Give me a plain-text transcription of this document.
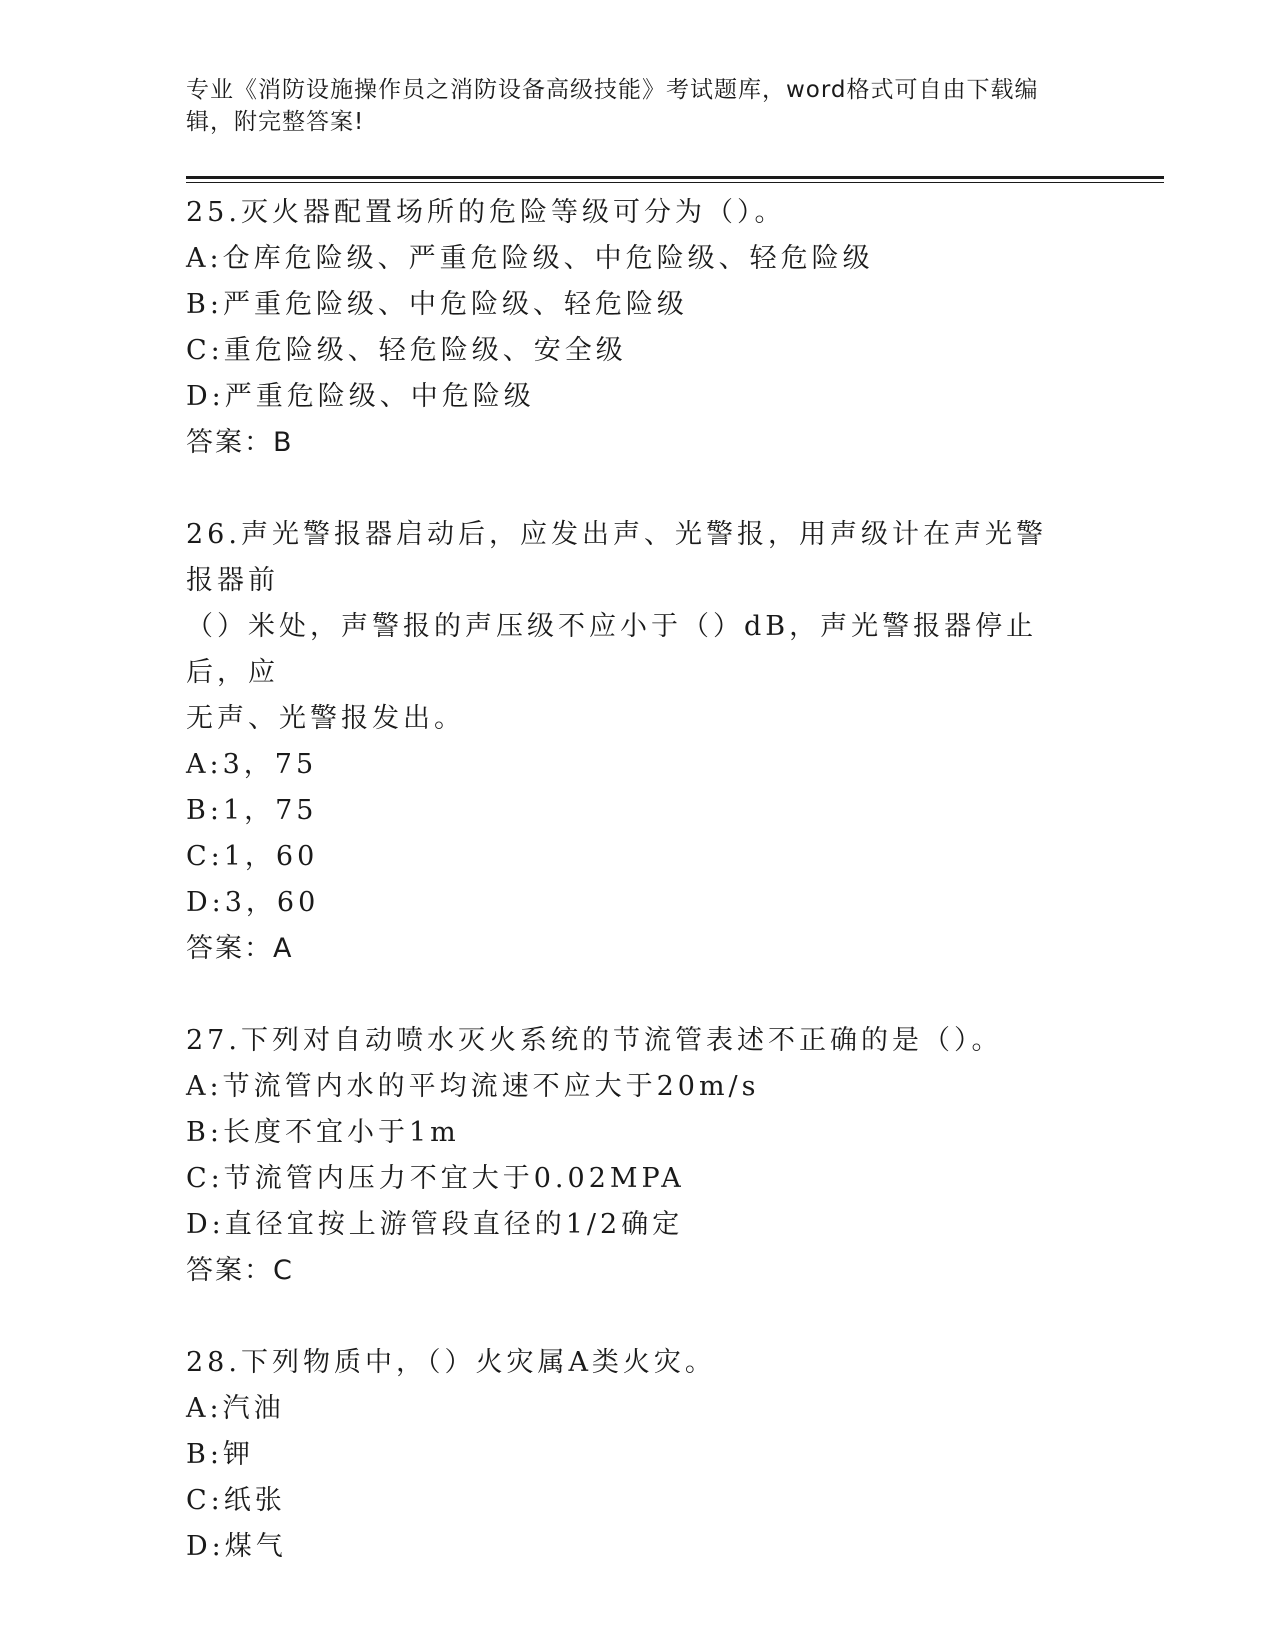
专业《消防设施操作员之消防设备高级技能》考试题库，word格式可自由下载编
辑，附完整答案!
25.灭火器配置场所的危险等级可分为（）。
A:仓库危险级、严重危险级、中危险级、轻危险级
B:严重危险级、中危险级、轻危险级
C:重危险级、轻危险级、安全级
D:严重危险级、中危险级
答案：B
26.声光警报器启动后，应发出声、光警报，用声级计在声光警报器前
（）米处，声警报的声压级不应小于（）dB，声光警报器停止后，应
无声、光警报发出。
A:3，75
B:1，75
C:1，60
D:3，60
答案：A
27.下列对自动喷水灭火系统的节流管表述不正确的是（）。
A:节流管内水的平均流速不应大于20m/s
B:长度不宜小于1m
C:节流管内压力不宜大于0.02MPA
D:直径宜按上游管段直径的1/2确定
答案：C
28.下列物质中，（）火灾属A类火灾。
A:汽油
B:钾
C:纸张
D:煤气
